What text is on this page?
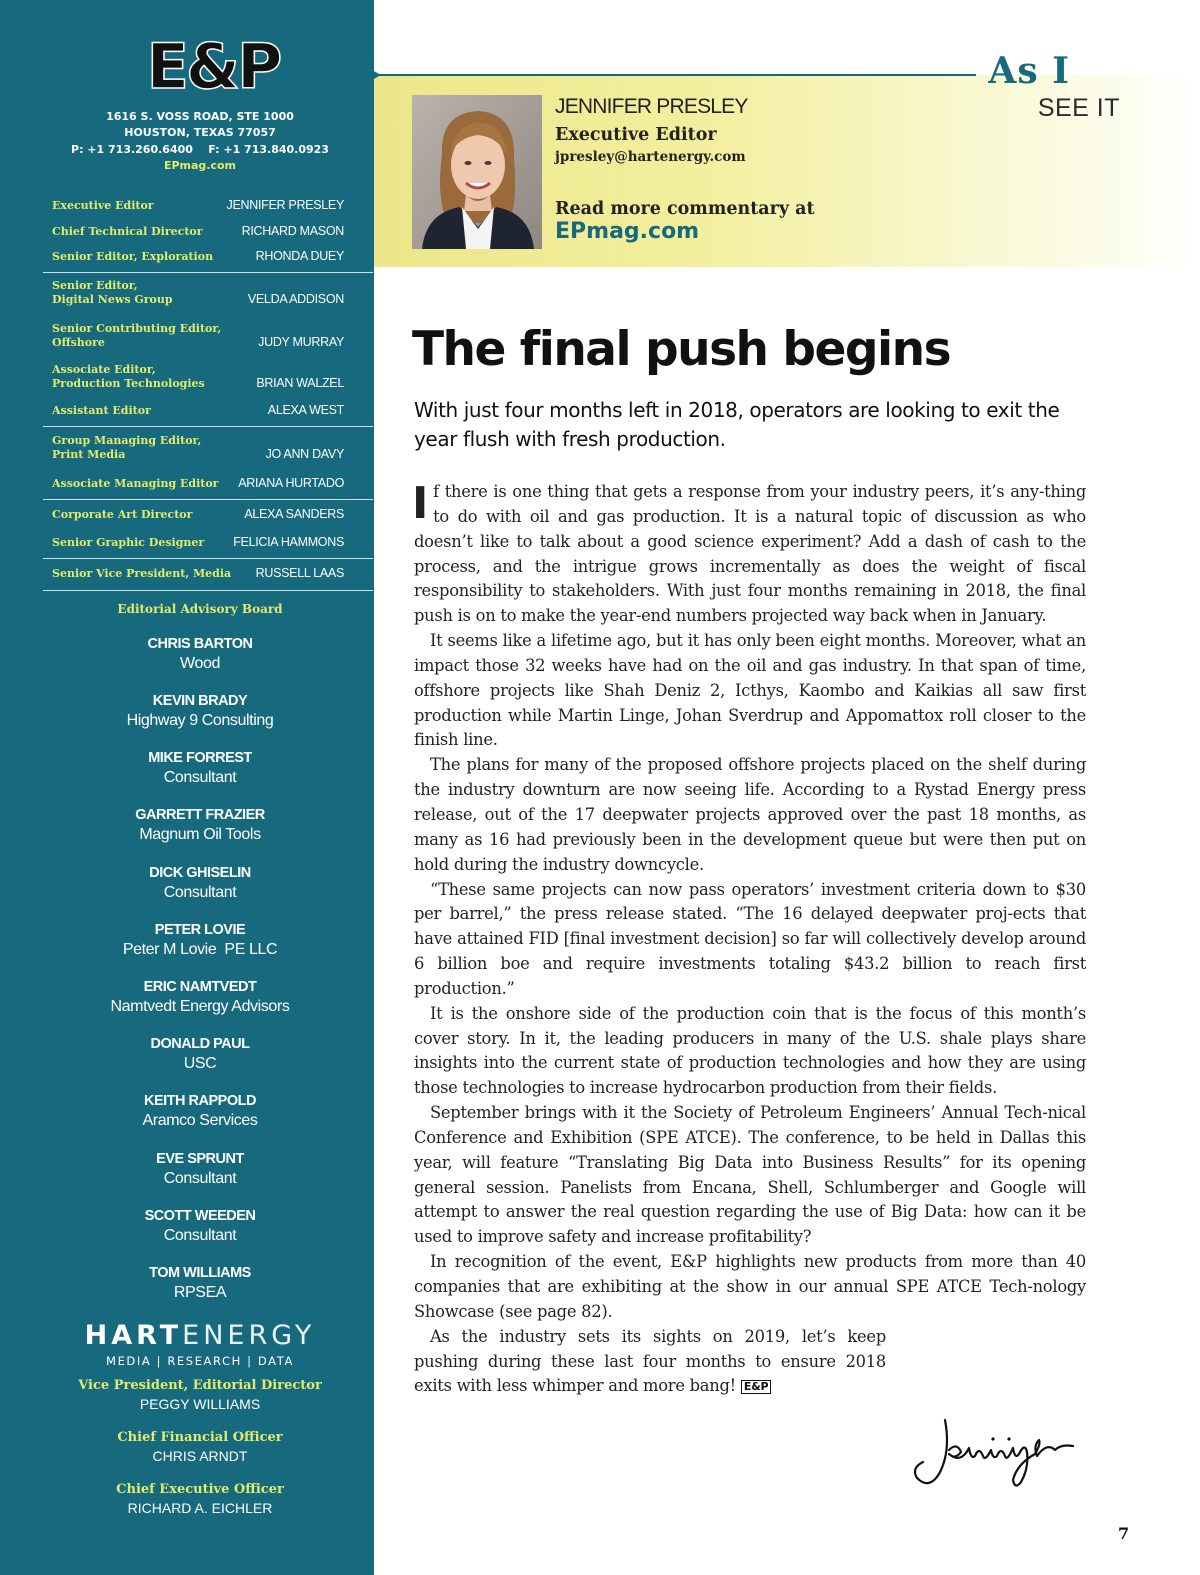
E&P
1616 S. VOSS ROAD, STE 1000
HOUSTON, TEXAS 77057
P: +1 713.260.6400    F: +1 713.840.0923
EPmag.com
Executive Editor	JENNIFER PRESLEY
Chief Technical Director	RICHARD MASON
Senior Editor, Exploration	RHONDA DUEY
Senior Editor,
Digital News Group	VELDA ADDISON
Senior Contributing Editor,
Offshore	JUDY MURRAY
Associate Editor,
Production Technologies	BRIAN WALZEL
Assistant Editor	ALEXA WEST
Group Managing Editor,
Print Media	JO ANN DAVY
Associate Managing Editor	ARIANA HURTADO
Corporate Art Director	ALEXA SANDERS
Senior Graphic Designer	FELICIA HAMMONS
Senior Vice President, Media RUSSELL LAAS
Editorial Advisory Board
CHRIS BARTON
Wood
KEVIN BRADY
Highway 9 Consulting
MIKE FORREST
Consultant
GARRETT FRAZIER
Magnum Oil Tools
DICK GHISELIN
Consultant
PETER LOVIE
Peter M Lovie  PE LLC
ERIC NAMTVEDT
Namtvedt Energy Advisors
DONALD PAUL
USC
KEITH RAPPOLD
Aramco Services
EVE SPRUNT
Consultant
SCOTT WEEDEN
Consultant
TOM WILLIAMS
RPSEA
HARTENERGY
MEDIA | RESEARCH | DATA
Vice President, Editorial Director
PEGGY WILLIAMS
Chief Financial Officer
CHRIS ARNDT
Chief Executive Officer
RICHARD A. EICHLER
As I
SEE IT
JENNIFER PRESLEY
Executive Editor
jpresley@hartenergy.com
Read more commentary at
EPmag.com
The final push begins
With just four months left in 2018, operators are looking to exit the year flush with fresh production.

If there is one thing that gets a response from your industry peers, it’s any-thing to do with oil and gas production. It is a natural topic of discussion as who doesn’t like to talk about a good science experiment? Add a dash of cash to the process, and the intrigue grows incrementally as does the weight of fiscal responsibility to stakeholders. With just four months remaining in 2018, the final push is on to make the year-end numbers projected way back when in January.

It seems like a lifetime ago, but it has only been eight months. Moreover, what an impact those 32 weeks have had on the oil and gas industry. In that span of time, offshore projects like Shah Deniz 2, Icthys, Kaombo and Kaikias all saw first production while Martin Linge, Johan Sverdrup and Appomattox roll closer to the finish line.

The plans for many of the proposed offshore projects placed on the shelf during the industry downturn are now seeing life. According to a Rystad Energy press release, out of the 17 deepwater projects approved over the past 18 months, as many as 16 had previously been in the development queue but were then put on hold during the industry downcycle.

“These same projects can now pass operators’ investment criteria down to $30 per barrel,” the press release stated. “The 16 delayed deepwater proj-ects that have attained FID [final investment decision] so far will collectively develop around 6 billion boe and require investments totaling $43.2 billion to reach first production.”

It is the onshore side of the production coin that is the focus of this month’s cover story. In it, the leading producers in many of the U.S. shale plays share insights into the current state of production technologies and how they are using those technologies to increase hydrocarbon production from their fields.

September brings with it the Society of Petroleum Engineers’ Annual Tech-nical Conference and Exhibition (SPE ATCE). The conference, to be held in Dallas this year, will feature “Translating Big Data into Business Results” for its opening general session. Panelists from Encana, Shell, Schlumberger and Google will attempt to answer the real question regarding the use of Big Data: how can it be used to improve safety and increase profitability?

In recognition of the event, E&P highlights new products from more than 40 companies that are exhibiting at the show in our annual SPE ATCE Tech-nology Showcase (see page 82).

As the industry sets its sights on 2019, let’s keep pushing during these last four months to ensure 2018 exits with less whimper and more bang! E&P

7
